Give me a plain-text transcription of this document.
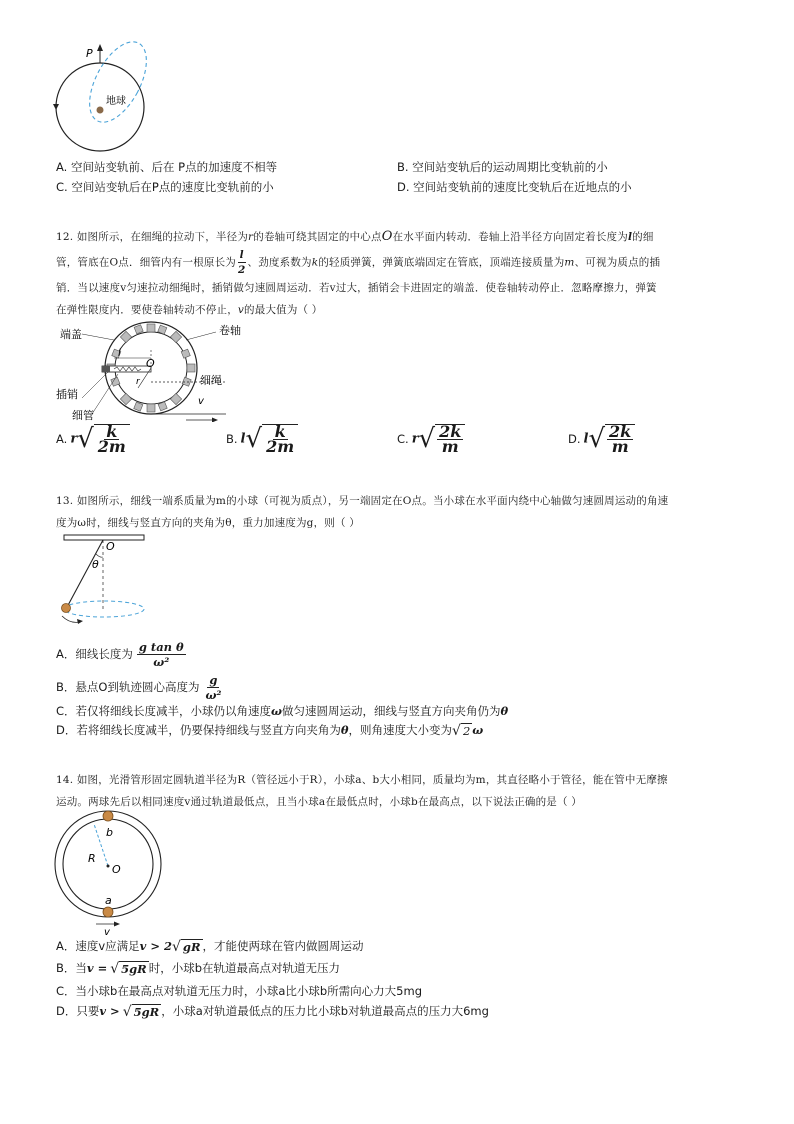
P
地球
A. 空间站变轨前、后在 P点的加速度不相等	B. 空间站变轨后的运动周期比变轨前的小
C. 空间站变轨后在P点的速度比变轨前的小	D. 空间站变轨前的速度比变轨后在近地点的小
12. 如图所示，在细绳的拉动下，半径为r的卷轴可绕其固定的中心点O在水平面内转动．卷轴上沿半径方向固定着长度为l的细
管，管底在O点．细管内有一根原长为 $\frac{l}{2}$ 、劲度系数为k的轻质弹簧，弹簧底端固定在管底，顶端连接质量为m、可视为质点的插
销．当以速度v匀速拉动细绳时，插销做匀速圆周运动．若v过大，插销会卡进固定的端盖．使卷轴转动停止．忽略摩擦力，弹簧
在弹性限度内．要使卷轴转动不停止，v的最大值为（ ）
端盖	卷轴
l
O
r
插销
细绳
v
细管
A. r √ $\frac{k}{2m}$	B. l √ $\frac{k}{2m}$	C. r √ $\frac{2k}{m}$	D. l √ $\frac{2k}{m}$
13. 如图所示，细线一端系质量为m的小球（可视为质点），另一端固定在O点。当小球在水平面内绕中心轴做匀速圆周运动的角速
度为ω时，细线与竖直方向的夹角为θ，重力加速度为g，则（ ）
O
θ
A．细线长度为 $\frac{\text{g tan θ}}{\text{ω²}}$
B．悬点O到轨迹圆心高度为 $\frac{g}{\text{ω²}}$
C．若仅将细线长度减半，小球仍以角速度ω做匀速圆周运动，细线与竖直方向夹角仍为θ
D．若将细线长度减半，仍要保持细线与竖直方向夹角为θ，则角速度大小变为 √ 2 ω
14. 如图，光滑管形固定圆轨道半径为R（管径远小于R），小球a、b大小相同，质量均为m，其直径略小于管径，能在管中无摩擦
运动。两球先后以相同速度v通过轨道最低点，且当小球a在最低点时，小球b在最高点，以下说法正确的是（ ）
b
R
O
a
v
A．速度v应满足v > 2 √ gR ，才能使两球在管内做圆周运动
B．当v = √ 5gR 时，小球b在轨道最高点对轨道无压力
C．当小球b在最高点对轨道无压力时，小球a比小球b所需向心力大5mg
D．只要v > √ 5gR ，小球a对轨道最低点的压力比小球b对轨道最高点的压力大6mg
